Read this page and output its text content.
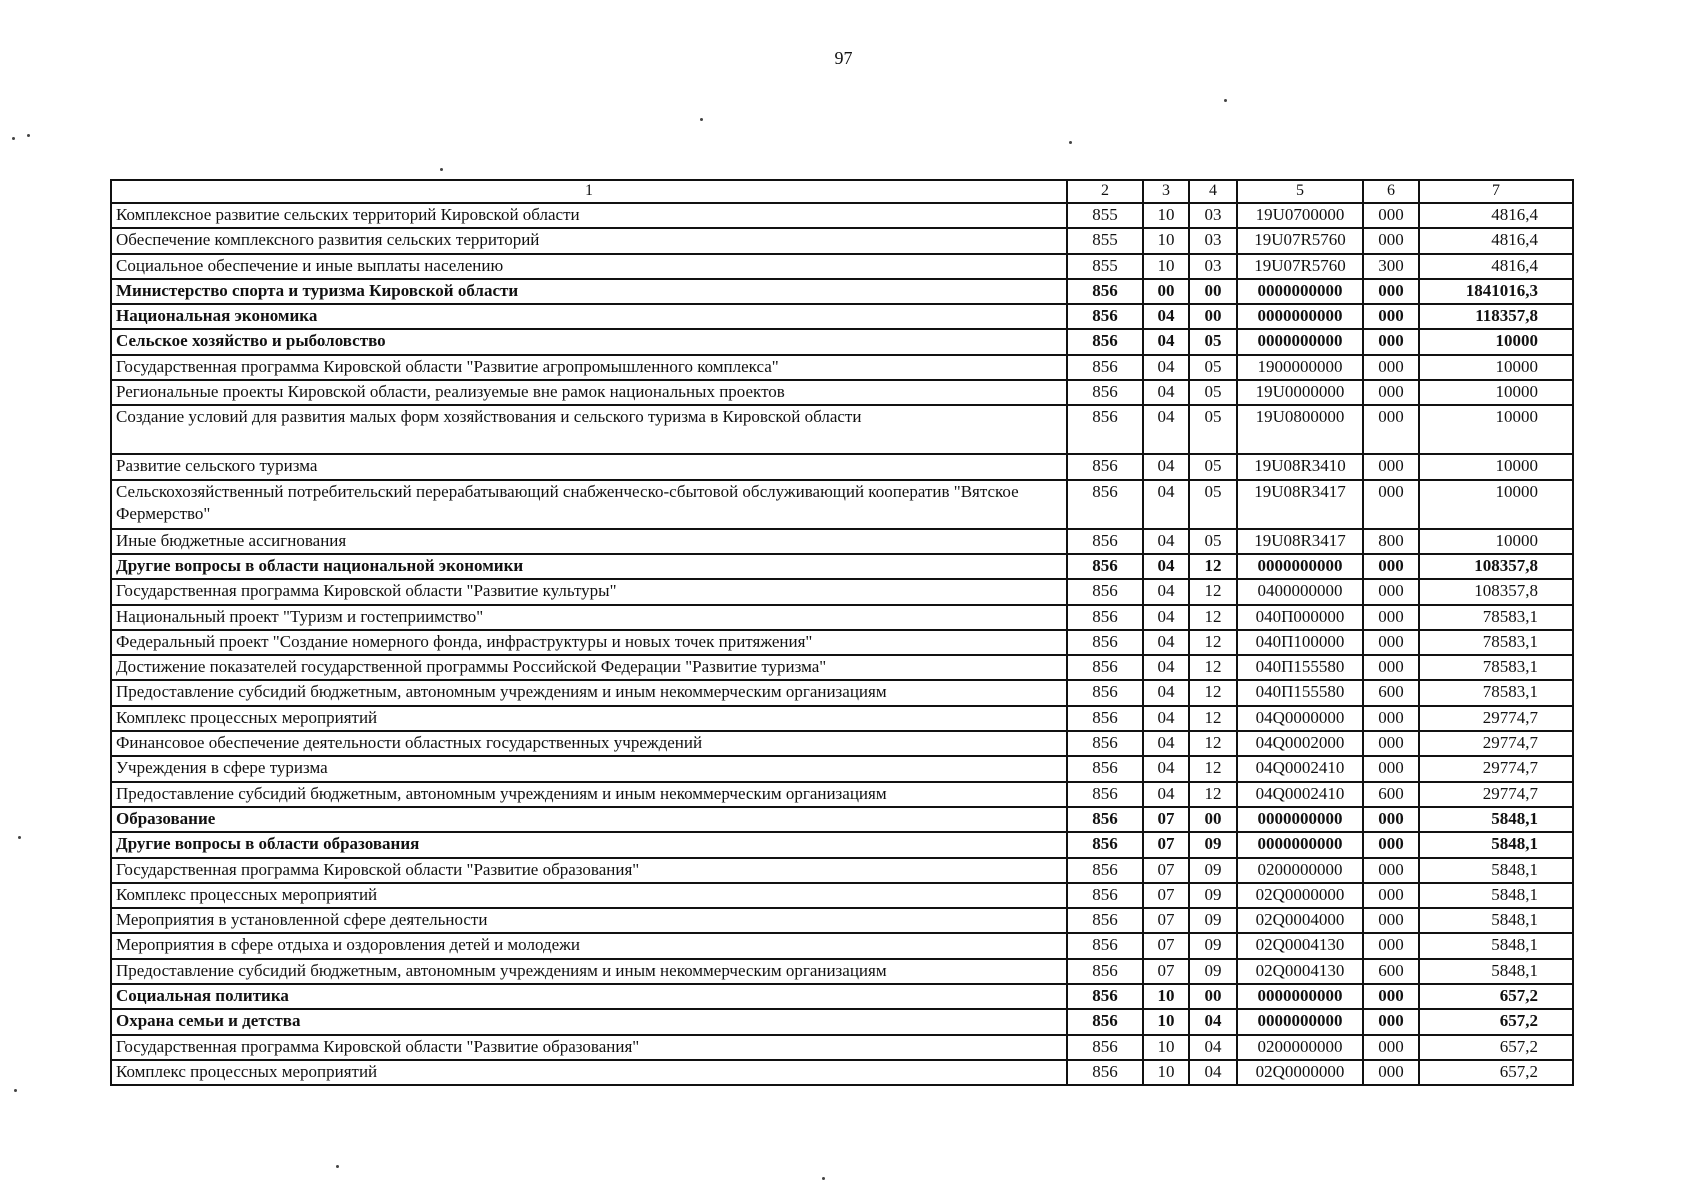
97
1	2	3	4	5	6	7
Комплексное развитие сельских территорий Кировской области	855	10	03	19U0700000	000	4816,4
Обеспечение комплексного развития сельских территорий	855	10	03	19U07R5760	000	4816,4
Социальное обеспечение и иные выплаты населению	855	10	03	19U07R5760	300	4816,4
Министерство спорта и туризма Кировской области	856	00	00	0000000000	000	1841016,3
Национальная экономика	856	04	00	0000000000	000	118357,8
Сельское хозяйство и рыболовство	856	04	05	0000000000	000	10000
Государственная программа Кировской области "Развитие агропромышленного комплекса"	856	04	05	1900000000	000	10000
Региональные проекты Кировской области, реализуемые вне рамок национальных проектов	856	04	05	19U0000000	000	10000
Создание условий для развития малых форм хозяйствования и сельского туризма в Кировской области	856	04	05	19U0800000	000	10000
Развитие сельского туризма	856	04	05	19U08R3410	000	10000
Сельскохозяйственный потребительский перерабатывающий снабженческо-сбытовой обслуживающий кооператив "Вятское Фермерство"	856	04	05	19U08R3417	000	10000
Иные бюджетные ассигнования	856	04	05	19U08R3417	800	10000
Другие вопросы в области национальной экономики	856	04	12	0000000000	000	108357,8
Государственная программа Кировской области "Развитие культуры"	856	04	12	0400000000	000	108357,8
Национальный проект "Туризм и гостеприимство"	856	04	12	040П000000	000	78583,1
Федеральный проект "Создание номерного фонда, инфраструктуры и новых точек притяжения"	856	04	12	040П100000	000	78583,1
Достижение показателей государственной программы Российской Федерации "Развитие туризма"	856	04	12	040П155580	000	78583,1
Предоставление субсидий бюджетным, автономным учреждениям и иным некоммерческим организациям	856	04	12	040П155580	600	78583,1
Комплекс процессных мероприятий	856	04	12	04Q0000000	000	29774,7
Финансовое обеспечение деятельности областных государственных учреждений	856	04	12	04Q0002000	000	29774,7
Учреждения в сфере туризма	856	04	12	04Q0002410	000	29774,7
Предоставление субсидий бюджетным, автономным учреждениям и иным некоммерческим организациям	856	04	12	04Q0002410	600	29774,7
Образование	856	07	00	0000000000	000	5848,1
Другие вопросы в области образования	856	07	09	0000000000	000	5848,1
Государственная программа Кировской области "Развитие образования"	856	07	09	0200000000	000	5848,1
Комплекс процессных мероприятий	856	07	09	02Q0000000	000	5848,1
Мероприятия в установленной сфере деятельности	856	07	09	02Q0004000	000	5848,1
Мероприятия в сфере отдыха и оздоровления детей и молодежи	856	07	09	02Q0004130	000	5848,1
Предоставление субсидий бюджетным, автономным учреждениям и иным некоммерческим организациям	856	07	09	02Q0004130	600	5848,1
Социальная политика	856	10	00	0000000000	000	657,2
Охрана семьи и детства	856	10	04	0000000000	000	657,2
Государственная программа Кировской области "Развитие образования"	856	10	04	0200000000	000	657,2
Комплекс процессных мероприятий	856	10	04	02Q0000000	000	657,2
